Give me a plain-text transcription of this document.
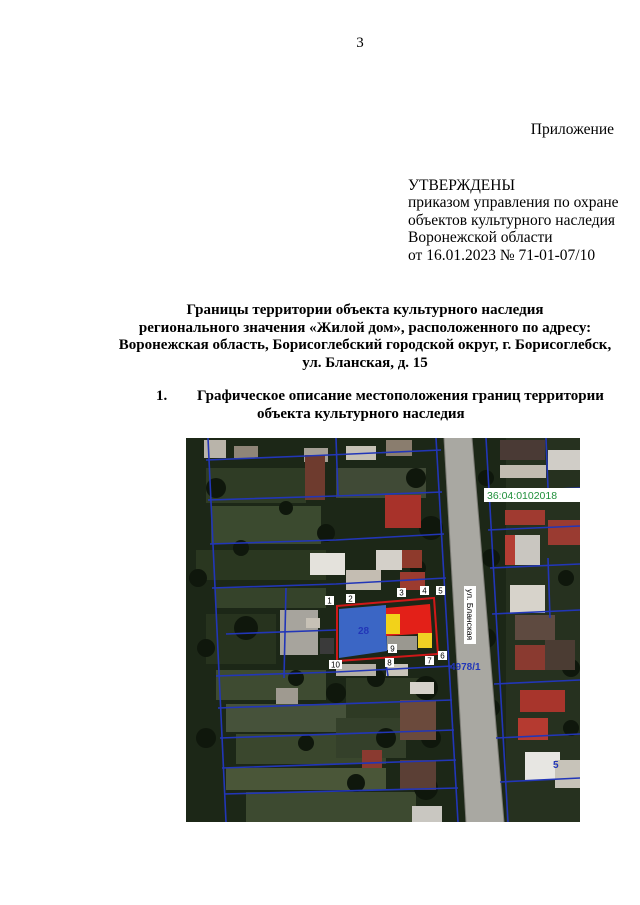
3
Приложение
УТВЕРЖДЕНЫ
приказом управления по охране
объектов культурного наследия
Воронежской области
от 16.01.2023 № 71-01-07/10
Границы территории объекта культурного наследия
регионального значения «Жилой дом», расположенного по адресу:
Воронежская область, Борисоглебский городской округ, г. Борисоглебск,
ул. Бланская, д. 15
1. Графическое описание местоположения границ территории
объекта культурного наследия
36:04:0102018
ул. Бланская
28
4978/1
5
1 2
3 4 5
6
7
8
9
10
